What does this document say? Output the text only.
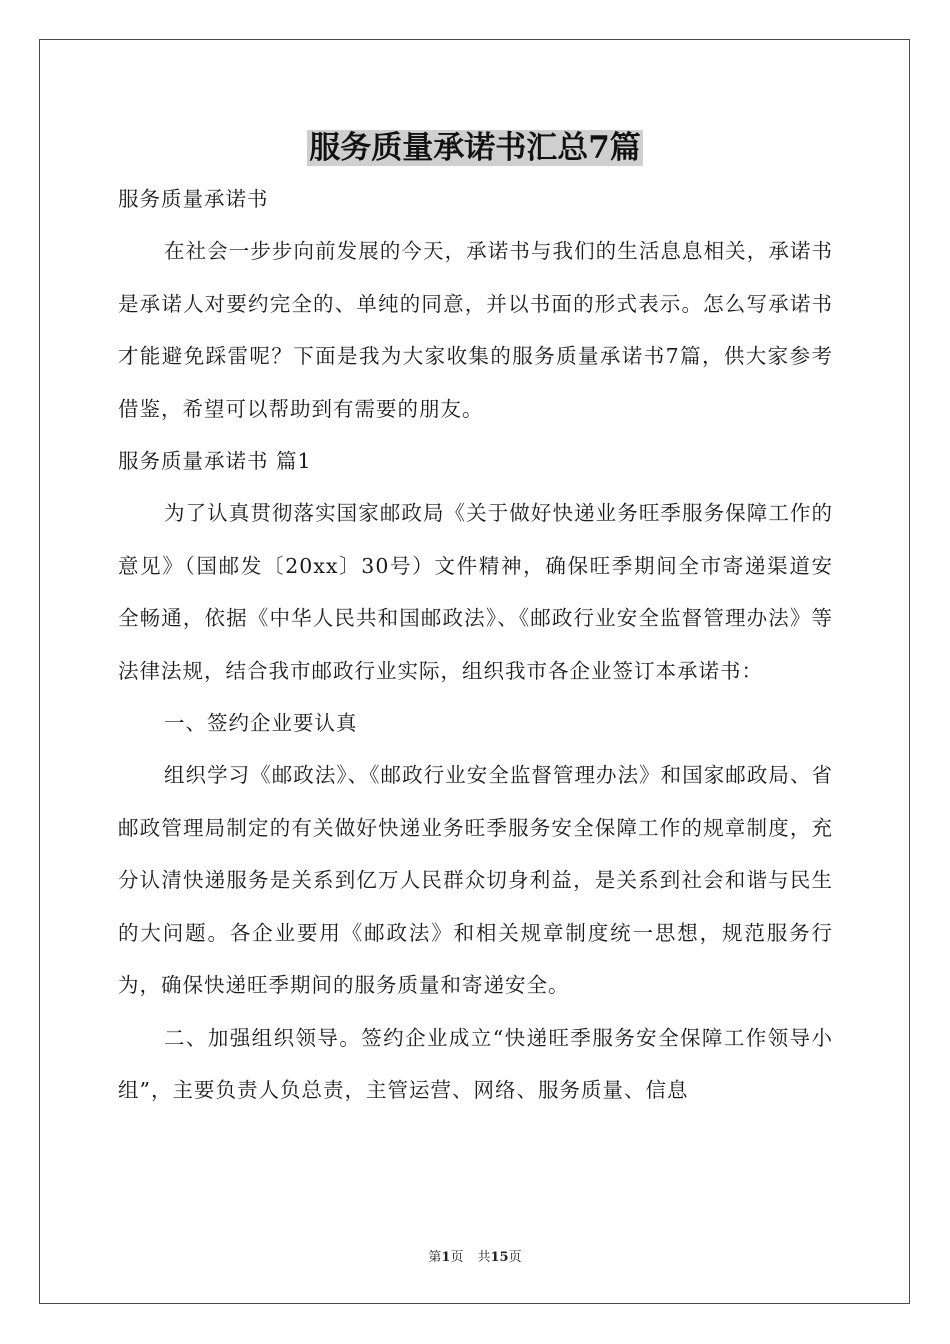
服务质量承诺书汇总7篇

服务质量承诺书

在社会一步步向前发展的今天，承诺书与我们的生活息息相关，承诺书是承诺人对要约完全的、单纯的同意，并以书面的形式表示。怎么写承诺书才能避免踩雷呢？下面是我为大家收集的服务质量承诺书7篇，供大家参考借鉴，希望可以帮助到有需要的朋友。

服务质量承诺书 篇1

为了认真贯彻落实国家邮政局《关于做好快递业务旺季服务保障工作的意见》（国邮发〔20xx〕30号）文件精神，确保旺季期间全市寄递渠道安全畅通，依据《中华人民共和国邮政法》、《邮政行业安全监督管理办法》等法律法规，结合我市邮政行业实际，组织我市各企业签订本承诺书：

一、签约企业要认真

组织学习《邮政法》、《邮政行业安全监督管理办法》和国家邮政局、省邮政管理局制定的有关做好快递业务旺季服务安全保障工作的规章制度，充分认清快递服务是关系到亿万人民群众切身利益，是关系到社会和谐与民生的大问题。各企业要用《邮政法》和相关规章制度统一思想，规范服务行为，确保快递旺季期间的服务质量和寄递安全。

二、加强组织领导。签约企业成立“快递旺季服务安全保障工作领导小组”，主要负责人负总责，主管运营、网络、服务质量、信息

第1页 共15页
